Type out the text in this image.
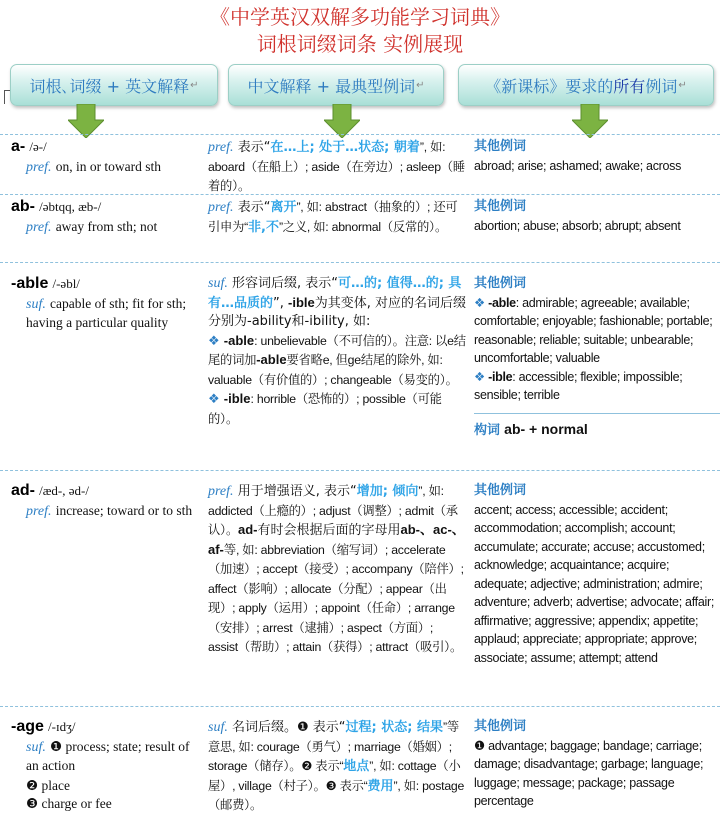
《中学英汉双解多功能学习词典》
词根词缀词条 实例展现
词根､词缀 + 英文解释 ↵	中文解释 + 最典型例词 ↵	《新课标》要求的 所有 例词 ↵
a- /ə-/
pref. on, in or toward sth
pref. 表示“在…上; 处于…状态; 朝着”, 如: aboard（在船上）; aside（在旁边）; asleep（睡着的）。
其他例词
abroad; arise; ashamed; awake; across
ab- /əbtqq, æb-/
pref. away from sth; not
pref. 表示“离开”, 如: abstract（抽象的）; 还可引申为“非,不”之义, 如: abnormal（反常的）。
其他例词
abortion; abuse; absorb; abrupt; absent
-able /-əbl/
suf. capable of sth; fit for sth; having a particular quality
suf. 形容词后缀, 表示“可…的; 值得…的; 具有…品质的”, -ible为其变体, 对应的名词后缀分别为-ability和-ibility, 如:
❖ -able: unbelievable（不可信的）。注意: 以e结尾的词加-able要省略e, 但ge结尾的除外, 如: valuable（有价值的）; changeable（易变的）。
❖ -ible: horrible（恐怖的）; possible（可能的）。
其他例词
❖ -able: admirable; agreeable; available; comfortable; enjoyable; fashionable; portable; reasonable; reliable; suitable; unbearable; uncomfortable; valuable
❖ -ible: accessible; flexible; impossible; sensible; terrible
构词 ab- + normal
ad- /æd-, əd-/
pref. increase; toward or to sth
pref. 用于增强语义, 表示“增加; 倾向”, 如: addicted（上瘾的）; adjust（调整）; admit（承认）。ad-有时会根据后面的字母用ab-、ac-、af-等, 如: abbreviation（缩写词）; accelerate（加速）; accept（接受）; accompany（陪伴）; affect（影响）; allocate（分配）; appear（出现）; apply（运用）; appoint（任命）; arrange（安排）; arrest（逮捕）; aspect（方面）; assist（帮助）; attain（获得）; attract（吸引）。
其他例词
accent; access; accessible; accident; accommodation; accomplish; account; accumulate; accurate; accuse; accustomed; acknowledge; acquaintance; acquire; adequate; adjective; administration; admire; adventure; adverb; advertise; advocate; affair; affirmative; aggressive; appendix; appetite; applaud; appreciate; appropriate; approve; associate; assume; attempt; attend
-age /-ɪdʒ/
suf. ❶ process; state; result of an action
❷ place
❸ charge or fee
suf. 名词后缀。❶ 表示“过程; 状态; 结果”等意思, 如: courage（勇气）; marriage（婚姻）; storage（储存）。❷ 表示“地点”, 如: cottage（小屋）, village（村子）。❸ 表示“费用”, 如: postage（邮费）。
其他例词
❶ advantage; baggage; bandage; carriage; damage; disadvantage; garbage; language; luggage; message; package; passage percentage
